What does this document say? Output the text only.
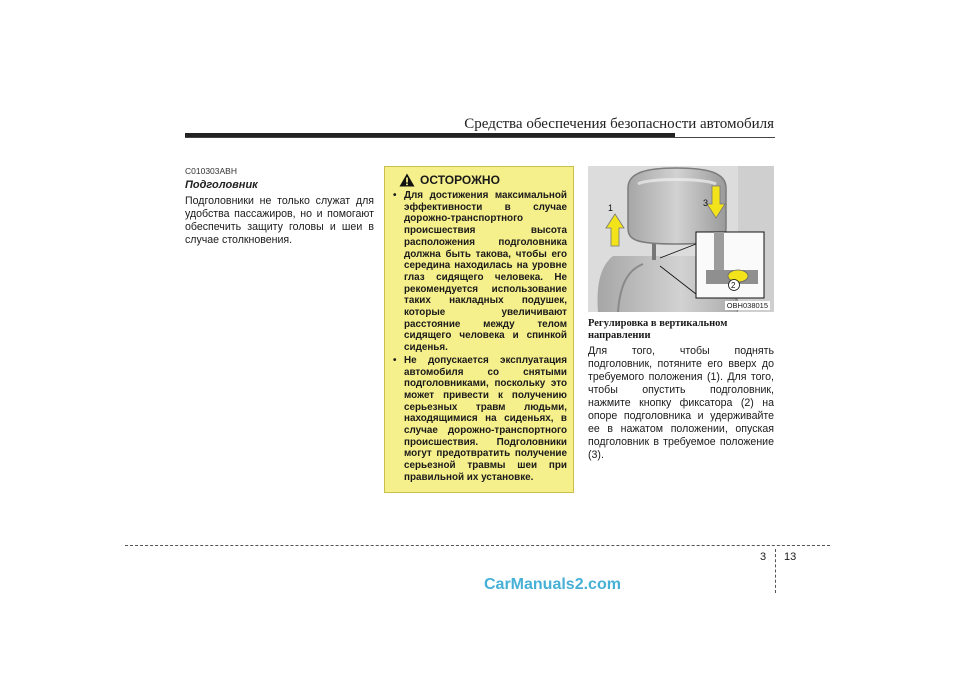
Средства обеспечения безопасности автомобиля
C010303ABH
Подголовник
Подголовники не только служат для удобства пассажиров, но и помогают обеспечить защиту головы и шеи в случае столкновения.
ОСТОРОЖНО
• Для достижения максимальной эффективности в случае дорожно-транспортного происшествия высота расположения подголовника должна быть такова, чтобы его середина находилась на уровне глаз сидящего человека. Не рекомендуется использование таких накладных подушек, которые увеличивают расстояние между телом сидящего человека и спинкой сиденья.
• Не допускается эксплуатация автомобиля со снятыми подголовниками, поскольку это может привести к получению серьезных травм людьми, находящимися на сиденьях, в случае дорожно-транспортного происшествия. Подголовники могут предотвратить получение серьезной травмы шеи при правильной их установке.
1	3
2
OBH038015
Регулировка в вертикальном направлении
Для того, чтобы поднять подголовник, потяните его вверх до требуемого положения (1). Для того, чтобы опустить подголовник, нажмите кнопку фиксатора (2) на опоре подголовника и удерживайте ее в нажатом положении, опуская подголовник в требуемое положение (3).
3 13
CarManuals2.com
